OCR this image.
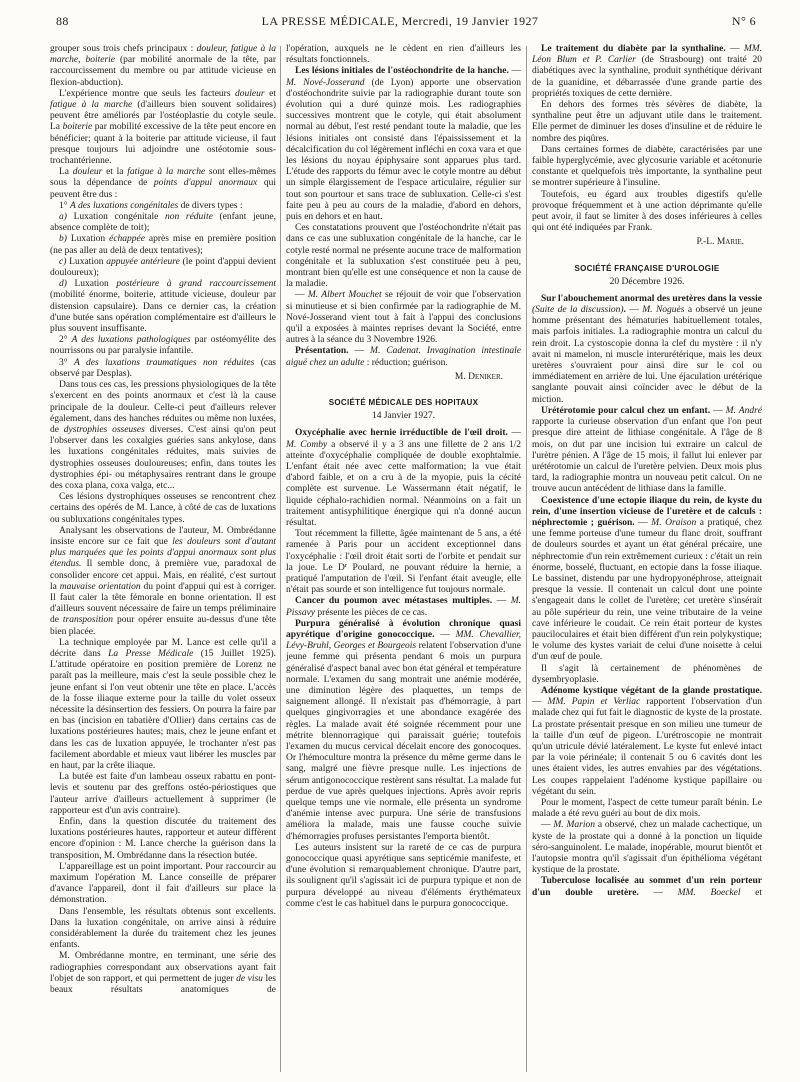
88	LA PRESSE MÉDICALE, Mercredi, 19 Janvier 1927	N° 6

grouper sous trois chefs principaux : douleur, fatigue à la marche, boiterie (par mobilité anormale de la tête, par raccourcissement du membre ou par attitude vicieuse en flexion-abduction).

L'expérience montre que seuls les facteurs douleur et fatigue à la marche (d'ailleurs bien souvent solidaires) peuvent être améliorés par l'ostéoplastie du cotyle seule. La boiterie par mobilité excessive de la tête peut encore en bénéficier; quant à la boiterie par attitude vicieuse, il faut presque toujours lui adjoindre une ostéotomie sous-trochantérienne.

La douleur et la fatigue à la marche sont elles-mêmes sous la dépendance de points d'appui anormaux qui peuvent être dus :

1° A des luxations congénitales de divers types :

a) Luxation congénitale non réduite (enfant jeune, absence complète de toit);

b) Luxation échappée après mise en première position (ne pas aller au delà de deux tentatives);

c) Luxation appuyée antérieure (le point d'appui devient douloureux);

d) Luxation postérieure à grand raccourcissement (mobilité énorme, boiterie, attitude vicieuse, douleur par distension capsulaire). Dans ce dernier cas, la création d'une butée sans opération complémentaire est d'ailleurs le plus souvent insuffisante.

2° A des luxations pathologiques par ostéomyélite des nourrissons ou par paralysie infantile.

3° A des luxations traumatiques non réduites (cas observé par Desplas).

Dans tous ces cas, les pressions physiologiques de la tête s'exercent en des points anormaux et c'est là la cause principale de la douleur. Celle-ci peut d'ailleurs relever également, dans des hanches réduites ou même non luxées, de dystrophies osseuses diverses. C'est ainsi qu'on peut l'observer dans les coxalgies guéries sans ankylose, dans les luxations congénitales réduites, mais suivies de dystrophies osseuses douloureuses; enfin, dans toutes les dystrophies épi- ou métaphysaires rentrant dans le groupe des coxa plana, coxa valga, etc...

Ces lésions dystrophiques osseuses se rencontrent chez certains des opérés de M. Lance, à côté de cas de luxations ou subluxations congénitales types.

Analysant les observations de l'auteur, M. Ombrédanne insiste encore sur ce fait que les douleurs sont d'autant plus marquées que les points d'appui anormaux sont plus étendus. Il semble donc, à première vue, paradoxal de consolider encore cet appui. Mais, en réalité, c'est surtout la mauvaise orientation du point d'appui qui est à corriger. Il faut caler la tête fémorale en bonne orientation. Il est d'ailleurs souvent nécessaire de faire un temps préliminaire de transposition pour opérer ensuite au-dessus d'une tête bien placée.

La technique employée par M. Lance est celle qu'il a décrite dans La Presse Médicale (15 Juillet 1925). L'attitude opératoire en position première de Lorenz ne paraît pas la meilleure, mais c'est la seule possible chez le jeune enfant si l'on veut obtenir une tête en place. L'accès de la fosse iliaque externe pour la taille du volet osseux nécessite la désinsertion des fessiers. On pourra la faire par en bas (incision en tabatière d'Ollier) dans certains cas de luxations postérieures hautes; mais, chez le jeune enfant et dans les cas de luxation appuyée, le trochanter n'est pas facilement abordable et mieux vaut libérer les muscles par en haut, par la crête iliaque.

La butée est faite d'un lambeau osseux rabattu en pont-levis et soutenu par des greffons ostéo-périostiques que l'auteur arrive d'ailleurs actuellement à supprimer (le rapporteur est d'un avis contraire).

Enfin, dans la question discutée du traitement des luxations postérieures hautes, rapporteur et auteur diffèrent encore d'opinion : M. Lance cherche la guérison dans la transposition, M. Ombrédanne dans la résection butée.

L'appareillage est un point important. Pour raccourcir au maximum l'opération M. Lance conseille de préparer d'avance l'appareil, dont il fait d'ailleurs sur place la démonstration.

Dans l'ensemble, les résultats obtenus sont excellents. Dans la luxation congénitale, on arrive ainsi à réduire considérablement la durée du traitement chez les jeunes enfants.

M. Ombrédanne montre, en terminant, une série des radiographies correspondant aux observations ayant fait l'objet de son rapport, et qui permettent de juger de visu les beaux résultats anatomiques de

l'opération, auxquels ne le cèdent en rien d'ailleurs les résultats fonctionnels.

Les lésions initiales de l'ostéochondrite de la hanche. — M. Nové-Josserand (de Lyon) apporte une observation d'ostéochondrite suivie par la radiographie durant toute son évolution qui a duré quinze mois. Les radiographies successives montrent que le cotyle, qui était absolument normal au début, l'est resté pendant toute la maladie, que les lésions initiales ont consisté dans l'épaississement et la décalcification du col légèrement infléchi en coxa vara et que les lésions du noyau épiphysaire sont apparues plus tard. L'étude des rapports du fémur avec le cotyle montre au début un simple élargissement de l'espace articulaire, régulier sur tout son pourtour et sans trace de subluxation. Celle-ci s'est faite peu à peu au cours de la maladie, d'abord en dehors, puis en dehors et en haut.

Ces constatations prouvent que l'ostéochondrite n'était pas dans ce cas une subluxation congénitale de la hanche, car le cotyle resté normal ne présente aucune trace de malformation congénitale et la subluxation s'est constituée peu à peu, montrant bien qu'elle est une conséquence et non la cause de la maladie.

— M. Albert Mouchet se réjouit de voir que l'observation si minutieuse et si bien confirmée par la radiographie de M. Nové-Josserand vient tout à fait à l'appui des conclusions qu'il a exposées à maintes reprises devant la Société, entre autres à la séance du 3 Novembre 1926.

Présentation. — M. Cadenat. Invagination intestinale aiguë chez un adulte : réduction; guérison.

M. Deniker.
SOCIÉTÉ MÉDICALE DES HOPITAUX
14 Janvier 1927.

Oxycéphalie avec hernie irréductible de l'œil droit. — M. Comby a observé il y a 3 ans une fillette de 2 ans 1/2 atteinte d'oxycéphalie compliquée de double exophtalmie. L'enfant était née avec cette malformation; la vue était d'abord faible, et on a cru à de la myopie, puis la cécité complète est survenue. Le Wassermann était négatif, le liquide céphalo-rachidien normal. Néanmoins on a fait un traitement antisyphilitique énergique qui n'a donné aucun résultat.

Tout récemment la fillette, âgée maintenant de 5 ans, a été ramenée à Paris pour un accident exceptionnel dans l'oxycéphalie : l'œil droit était sorti de l'orbite et pendait sur la joue. Le $D^r$ Poulard, ne pouvant réduire la hernie, a pratiqué l'amputation de l'œil. Si l'enfant était aveugle, elle n'était pas sourde et son intelligence fut toujours normale.

Cancer du poumon avec métastases multiples. — M. Pissavy présente les pièces de ce cas.

Purpura généralisé à évolution chronique quasi apyrétique d'origine gonococcique. — MM. Chevallier, Lévy-Bruhl, Georges et Bourgeois relatent l'observation d'une jeune femme qui présenta pendant 6 mois un purpura généralisé d'aspect banal avec bon état général et température normale. L'examen du sang montrait une anémie modérée, une diminution légère des plaquettes, un temps de saignement allongé. Il n'existait pas d'hémorragie, à part quelques gingivorragies et une abondance exagérée des règles. La malade avait été soignée récemment pour une métrite blennorragique qui paraissait guérie; toutefois l'examen du mucus cervical décelait encore des gonocoques. Or l'hémoculture montra la présence du même germe dans le sang, malgré une fièvre presque nulle. Les injections de sérum antigonococcique restèrent sans résultat. La malade fut perdue de vue après quelques injections. Après avoir repris quelque temps une vie normale, elle présenta un syndrome d'anémie intense avec purpura. Une série de transfusions améliora la malade, mais une fausse couche suivie d'hémorragies profuses persistantes l'emporta bientôt.

Les auteurs insistent sur la rareté de ce cas de purpura gonococcique quasi apyrétique sans septicémie manifeste, et d'une évolution si remarquablement chronique. D'autre part, ils soulignent qu'il s'agissait ici de purpura typique et non de purpura développé au niveau d'éléments érythémateux comme c'est le cas habituel dans le purpura gonococcique.

Le traitement du diabète par la synthaline. — MM. Léon Blum et P. Carlier (de Strasbourg) ont traité 20 diabétiques avec la synthaline, produit synthétique dérivant de la guanidine, et débarrassée d'une grande partie des propriétés toxiques de cette dernière.

En dehors des formes très sévères de diabète, la synthaline peut être un adjuvant utile dans le traitement. Elle permet de diminuer les doses d'insuline et de réduire le nombre des piqûres.

Dans certaines formes de diabète, caractérisées par une faible hyperglycémie, avec glycosurie variable et acétonurie constante et quelquefois très importante, la synthaline peut se montrer supérieure à l'insuline.

Toutefois, eu égard aux troubles digestifs qu'elle provoque fréquemment et à une action déprimante qu'elle peut avoir, il faut se limiter à des doses inférieures à celles qui ont été indiquées par Frank.

P.-L. Marie.
SOCIÉTÉ FRANÇAISE D'UROLOGIE
20 Décembre 1926.

Sur l'abouchement anormal des uretères dans la vessie (Suite de la discussion). — M. Noguès a observé un jeune homme présentant des hématuries habituellement totales, mais parfois initiales. La radiographie montra un calcul du rein droit. La cystoscopie donna la clef du mystère : il n'y avait ni mamelon, ni muscle interurétérique, mais les deux uretères s'ouvraient pour ainsi dire sur le col ou immédiatement en arrière de lui. Une éjaculation urétérique sanglante pouvait ainsi coïncider avec le début de la miction.

Urétérotomie pour calcul chez un enfant. — M. André rapporte la curieuse observation d'un enfant que l'on peut presque dire atteint de lithiase congénitale. A l'âge de 8 mois, on dut par une incision lui extraire un calcul de l'urètre pénien. A l'âge de 15 mois, il fallut lui enlever par urétérotomie un calcul de l'uretère pelvien. Deux mois plus tard, la radiographie montra un nouveau petit calcul. On ne trouve aucun antécédent de lithiase dans la famille.

Coexistence d'une ectopie iliaque du rein, de kyste du rein, d'une insertion vicieuse de l'uretère et de calculs : néphrectomie ; guérison. — M. Oraison a pratiqué, chez une femme porteuse d'une tumeur du flanc droit, souffrant de douleurs sourdes et ayant un état général précaire, une néphrectomie d'un rein extrêmement curieux : c'était un rein énorme, bosselé, fluctuant, en ectopie dans la fosse iliaque. Le bassinet, distendu par une hydropyonéphrose, atteignait presque la vessie. Il contenait un calcul dont une pointe s'engageait dans le collet de l'uretère; cet uretère s'insérait au pôle supérieur du rein, une veine tributaire de la veine cave inférieure le coudait. Ce rein était porteur de kystes pauciloculaires et était bien différent d'un rein polykystique; le volume des kystes variait de celui d'une noisette à celui d'un œuf de poule.

Il s'agit là certainement de phénomènes de dysembryoplasie.

Adénome kystique végétant de la glande prostatique. — MM. Papin et Verliac rapportent l'observation d'un malade chez qui fut fait le diagnostic de kyste de la prostate. La prostate présentait presque en son milieu une tumeur de la taille d'un œuf de pigeon. L'urétroscopie ne montrait qu'un utricule dévié latéralement. Le kyste fut enlevé intact par la voie périnéale; il contenait 5 ou 6 cavités dont les unes étaient vides, les autres envahies par des végétations. Les coupes rappelaient l'adénome kystique papillaire ou végétant du sein.

Pour le moment, l'aspect de cette tumeur paraît bénin. Le malade a été revu guéri au bout de dix mois.

— M. Marion a observé, chez un malade cachectique, un kyste de la prostate qui a donné à la ponction un liquide séro-sanguinolent. Le malade, inopérable, mourut bientôt et l'autopsie montra qu'il s'agissait d'un épithélioma végétant kystique de la prostate.

Tuberculose localisée au sommet d'un rein porteur d'un double uretère. — MM. Boeckel et
